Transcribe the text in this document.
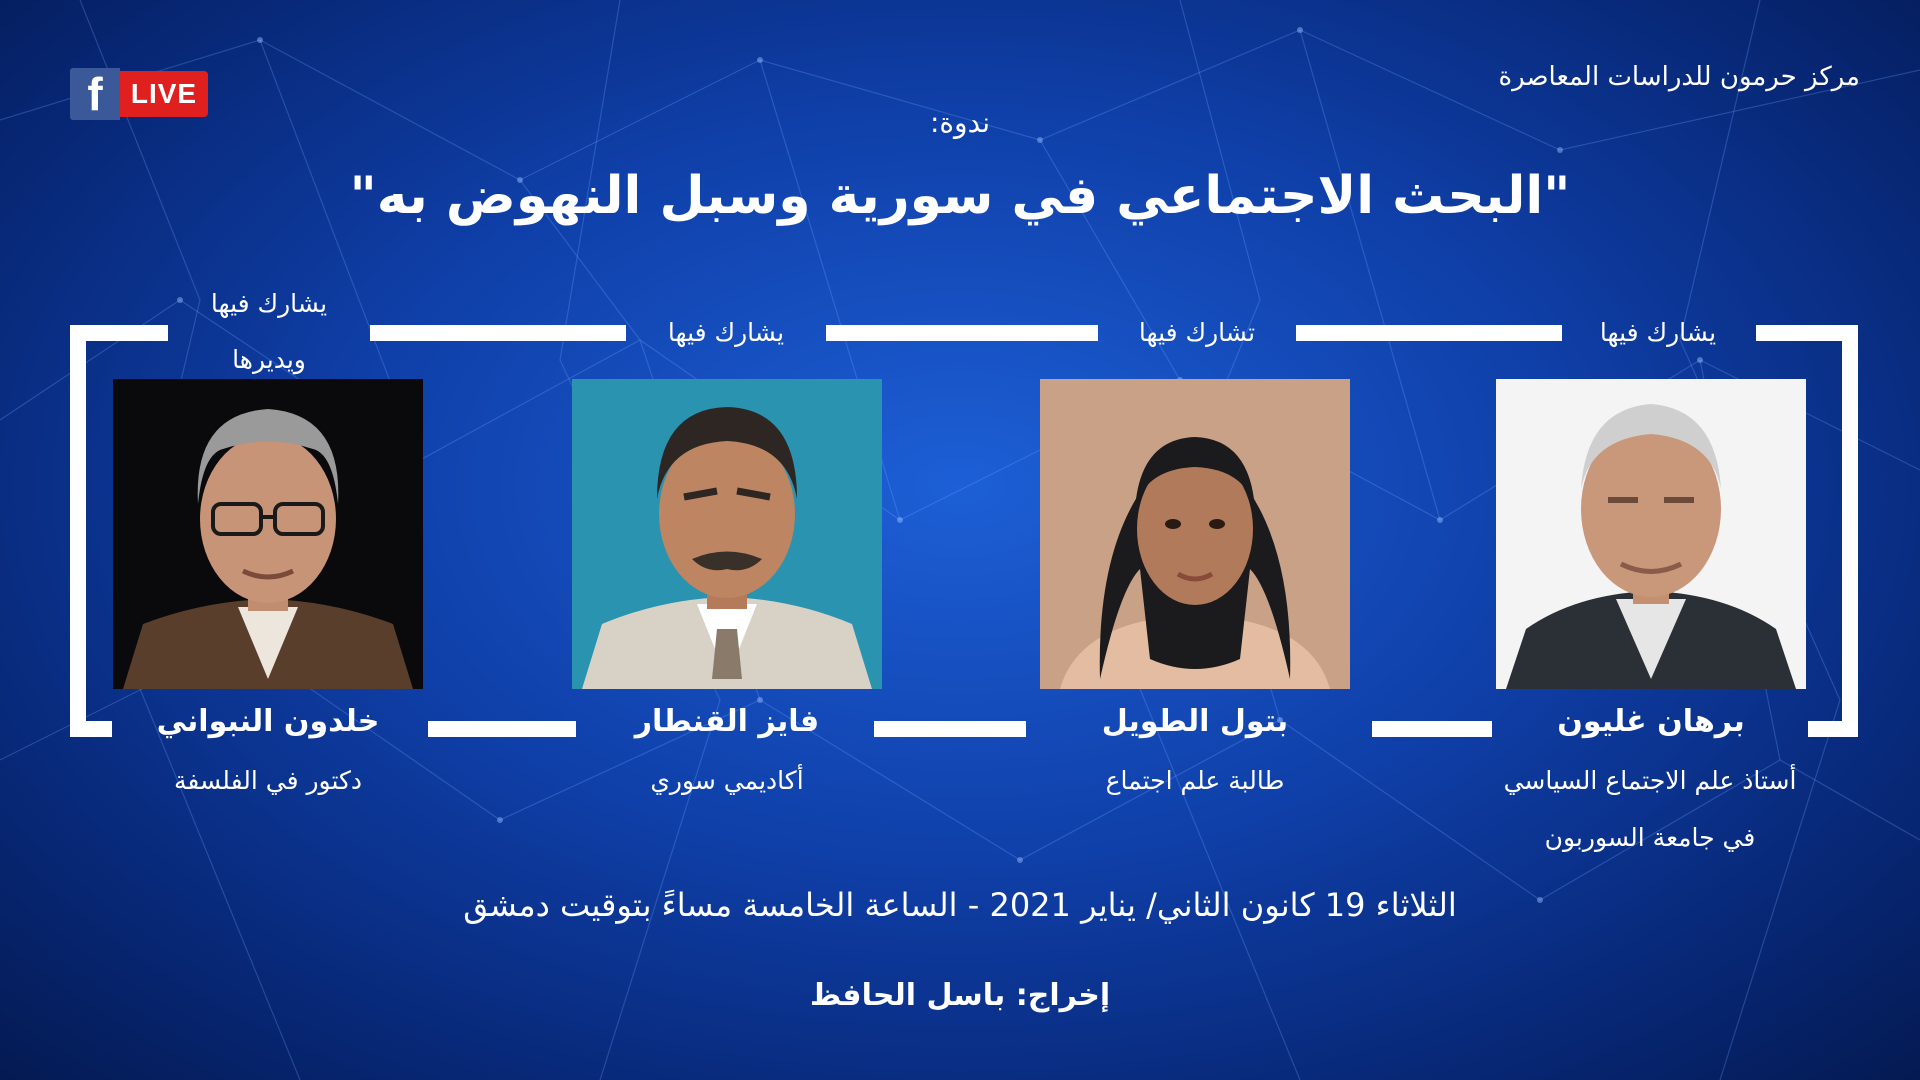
f	LIVE
مركز حرمون للدراسات المعاصرة
ندوة:
"البحث الاجتماعي في سورية وسبل النهوض به"
يشارك فيها
برهان غليون
أستاذ علم الاجتماع السياسي
في جامعة السوربون
تشارك فيها
بتول الطويل
طالبة علم اجتماع
يشارك فيها
فايز القنطار
أكاديمي سوري
يشارك فيها
ويديرها
خلدون النبواني
دكتور في الفلسفة
الثلاثاء 19 كانون الثاني/ يناير 2021 - الساعة الخامسة مساءً بتوقيت دمشق
إخراج: باسل الحافظ
